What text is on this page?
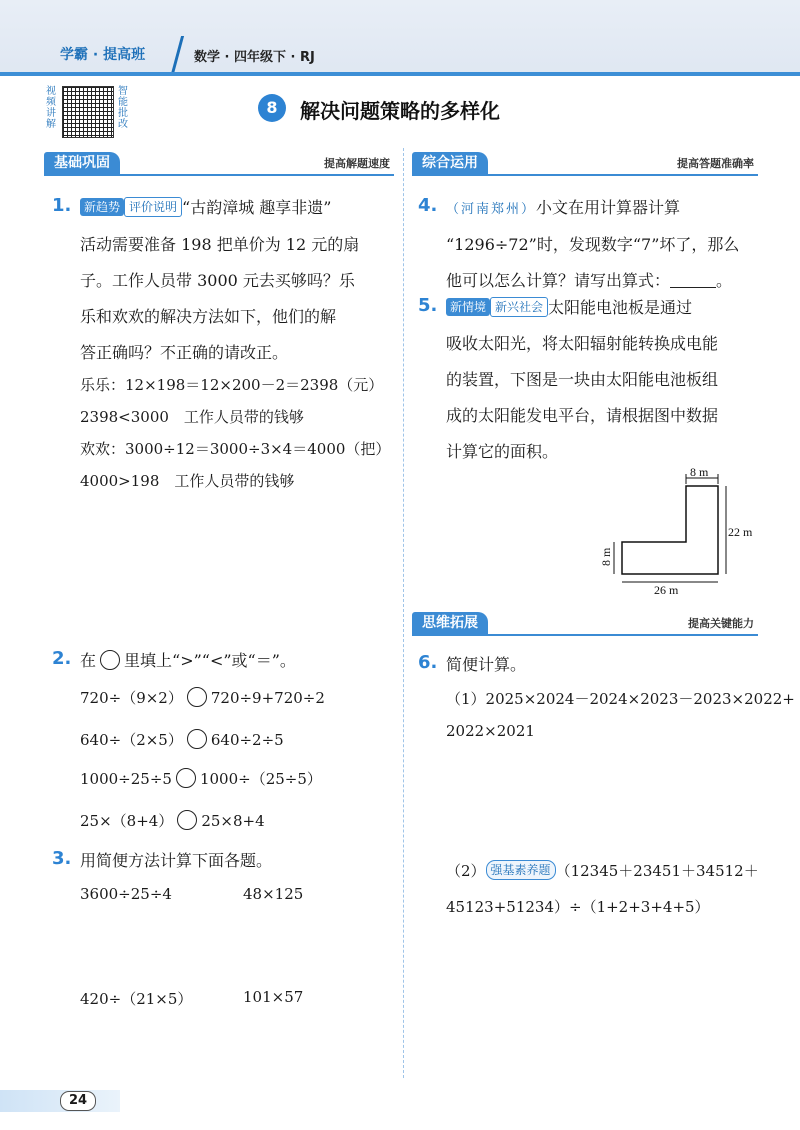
学霸 · 提高班	数学 · 四年级下 · RJ
视频讲解
智能批改
8	解决问题策略的多样化
基础巩固	提高解题速度
1.	新趋势 评价说明 “古韵漳城 趣享非遗”
活动需要准备 198 把单价为 12 元的扇
子。工作人员带 3000 元去买够吗？乐
乐和欢欢的解决方法如下，他们的解
答正确吗？不正确的请改正。
乐乐：12×198＝12×200－2＝2398（元）
2398<3000　工作人员带的钱够
欢欢：3000÷12＝3000÷3×4＝4000（把）
4000>198　工作人员带的钱够
2. 在 里填上“>”“<”或“＝”。
720÷（9×2） 720÷9+720÷2
640÷（2×5） 640÷2÷5
1000÷25÷5 1000÷（25÷5）
25×（8+4） 25×8+4
3. 用简便方法计算下面各题。
3600÷25÷4	48×125
420÷（21×5）	101×57
综合运用	提高答题准确率
4. （河南郑州）小文在用计算器计算
“1296÷72”时，发现数字“7”坏了，那么
他可以怎么计算？请写出算式：	。
5.	新情境 新兴社会 太阳能电池板是通过
吸收太阳光，将太阳辐射能转换成电能
的装置，下图是一块由太阳能电池板组
成的太阳能发电平台，请根据图中数据
计算它的面积。
8 m
22 m
8 m
26 m
思维拓展	提高关键能力
6. 简便计算。
（1）2025×2024－2024×2023－2023×2022+
2022×2021
（2） 强基素养题 （12345＋23451＋34512＋
45123+51234）÷（1+2+3+4+5）
24
